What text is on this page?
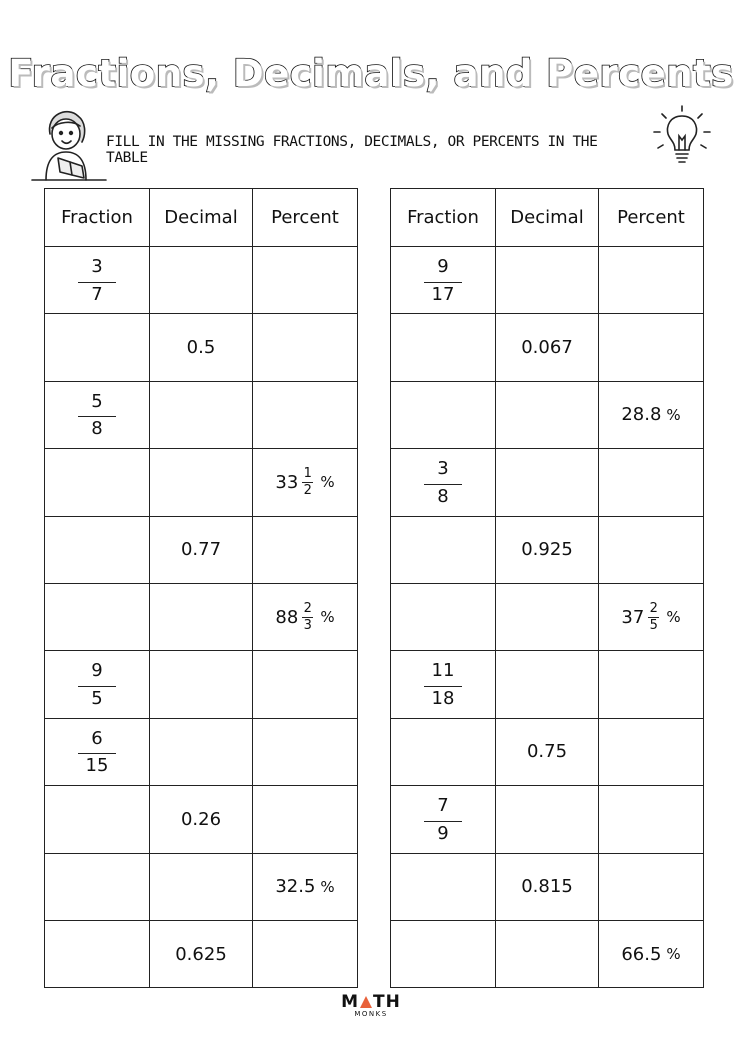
Fractions, Decimals, and Percents
FILL IN THE MISSING FRACTIONS, DECIMALS, OR PERCENTS IN THE TABLE
Fraction	Decimal	Percent

$\frac{3}{7}$

	0.5	

$\frac{5}{8}$

		33 1
2 %

	0.77	

		88 2
3 %

$\frac{9}{5}$

$\frac{6}{15}$

	0.26	

		32.5 %

	0.625	
Fraction	Decimal	Percent

$\frac{9}{17}$

	0.067	

		28.8 %

$\frac{3}{8}$

	0.925	

		37 2
5 %

$\frac{11}{18}$

	0.75	

$\frac{7}{9}$

	0.815	

		66.5 %
M TH
MONKS
